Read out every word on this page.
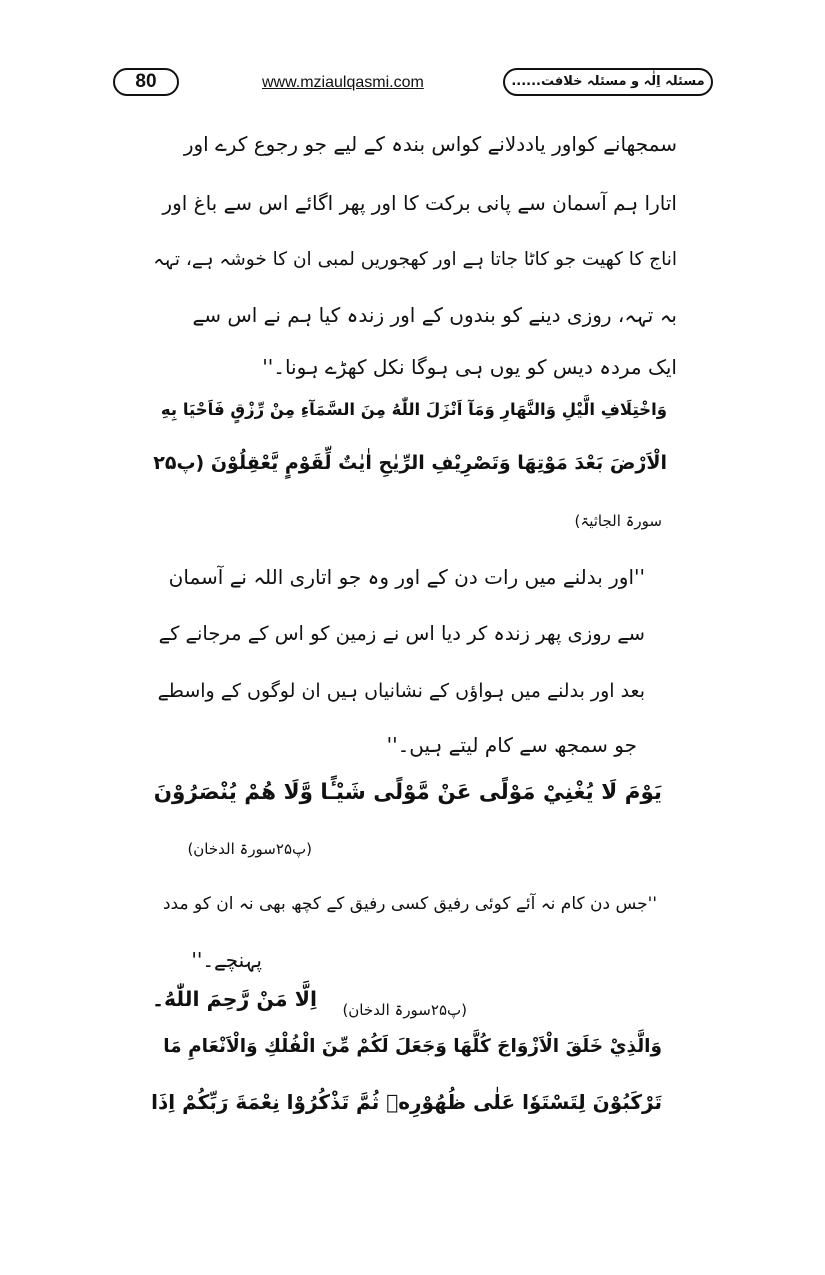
80	www.mziaulqasmi.com	مسئلہ اِلٰہ و مسئلہ خلافت......
سمجھانے کواور یاددلانے کواس بندہ کے لیے جو رجوع کرے اور
اتارا ہم آسمان سے پانی برکت کا اور پھر اگائے اس سے باغ اور
اناج کا کھیت جو کاٹا جاتا ہے اور کھجوریں لمبی ان کا خوشہ ہے، تہہ
بہ تہہ، روزی دینے کو بندوں کے اور زندہ کیا ہم نے اس سے
ایک مردہ دیس کو یوں ہی ہوگا نکل کھڑے ہونا۔''
وَاخْتِلَافِ الَّيْلِ وَالنَّهَارِ وَمَآ اَنْزَلَ اللّٰهُ مِنَ السَّمَآءِ مِنْ رِّزْقٍ فَاَحْيَا بِهِ
الْاَرْضَ بَعْدَ مَوْتِهَا وَتَصْرِيْفِ الرِّيٰحِ اٰيٰتٌ لِّقَوْمٍ يَّعْقِلُوْنَ (پ۲۵
سورۃ الجاثیۃ)
''اور بدلنے میں رات دن کے اور وہ جو اتاری اللہ نے آسمان
سے روزی پھر زندہ کر دیا اس نے زمین کو اس کے مرجانے کے
بعد اور بدلنے میں ہواؤں کے نشانیاں ہیں ان لوگوں کے واسطے
جو سمجھ سے کام لیتے ہیں۔''
يَوْمَ لَا يُغْنِيْ مَوْلًى عَنْ مَّوْلًى شَيْـًٔا وَّلَا هُمْ يُنْصَرُوْنَ
(پ۲۵سورۃ الدخان)
''جس دن کام نہ آئے کوئی رفیق کسی رفیق کے کچھ بھی نہ ان کو مدد
پہنچے۔''
اِلَّا مَنْ رَّحِمَ اللّٰهُ۔ (پ۲۵سورۃ الدخان)
وَالَّذِيْ خَلَقَ الْاَزْوَاجَ كُلَّهَا وَجَعَلَ لَكُمْ مِّنَ الْفُلْكِ وَالْاَنْعَامِ مَا
تَرْكَبُوْنَ لِتَسْتَوٗا عَلٰى ظُهُوْرِهٖ ثُمَّ تَذْكُرُوْا نِعْمَةَ رَبِّكُمْ اِذَا
